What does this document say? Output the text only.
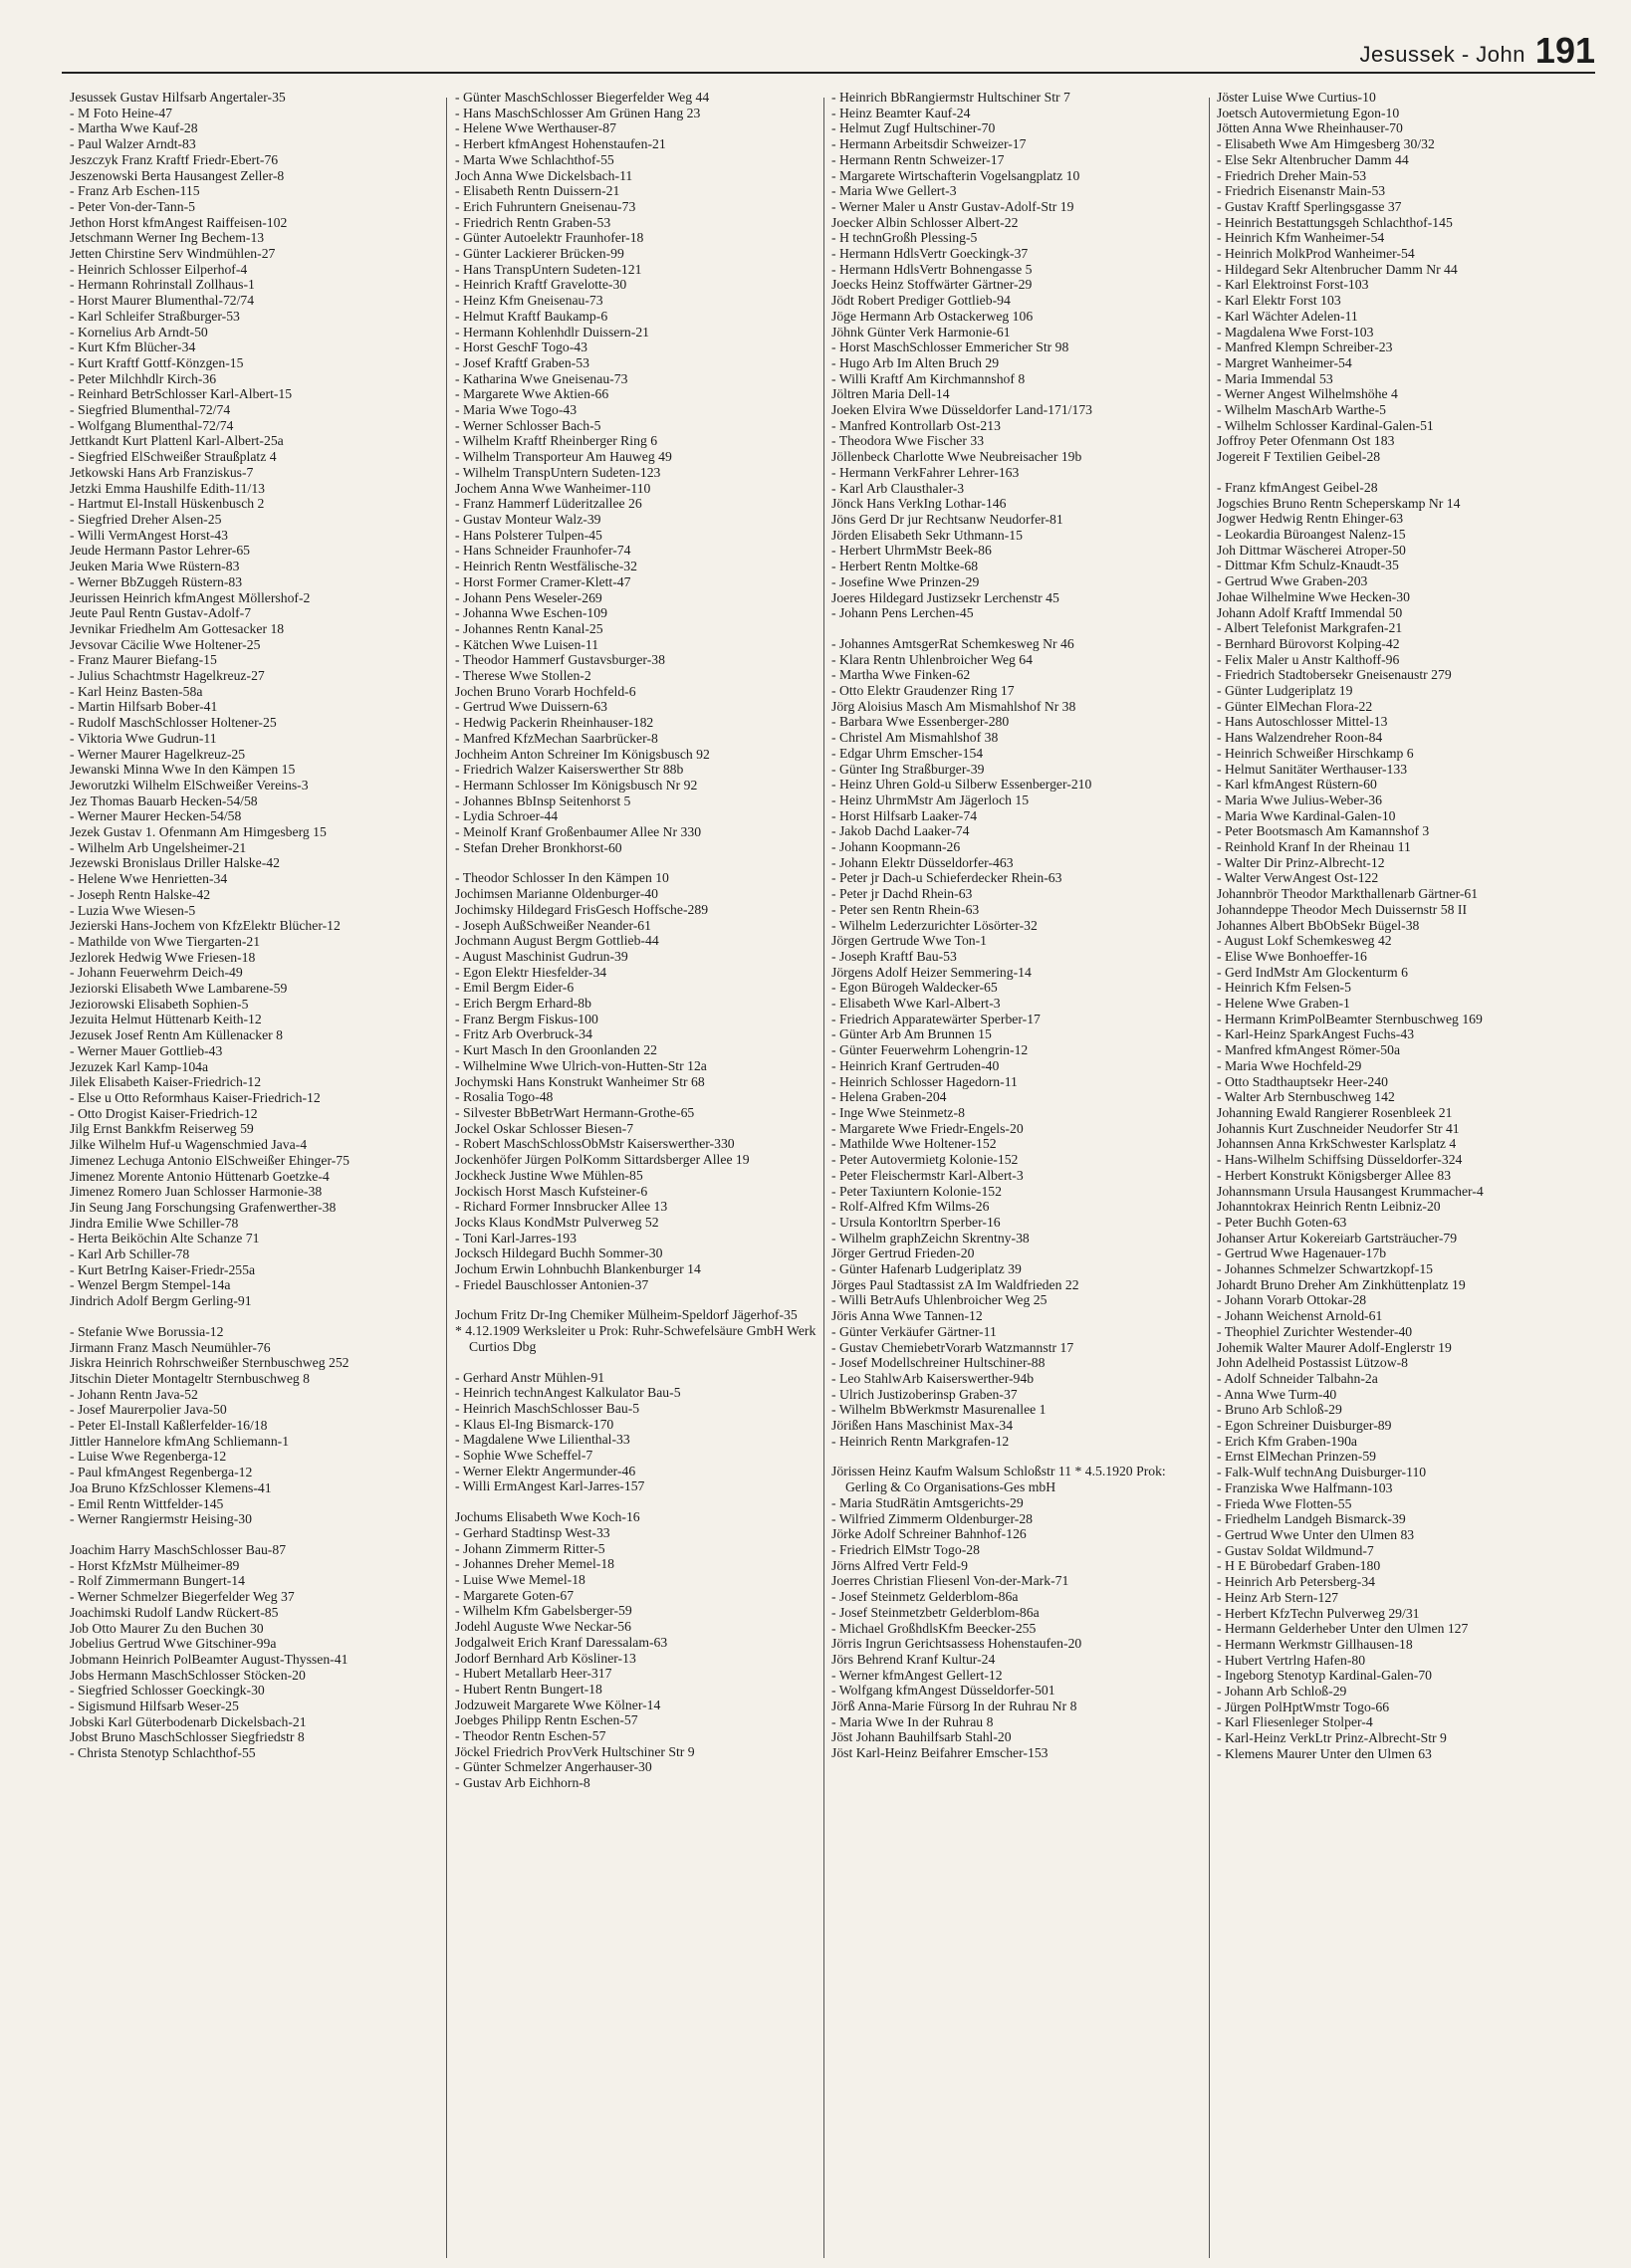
Jesussek - John 191
Jesussek Gustav Hilfsarb Angertaler-35
- M Foto Heine-47
- Martha Wwe Kauf-28
- Paul Walzer Arndt-83
Jeszczyk Franz Kraftf Friedr-Ebert-76
Jeszenowski Berta Hausangest Zeller-8
- Franz Arb Eschen-115
- Peter Von-der-Tann-5
Jethon Horst kfmAngest Raiffeisen-102
Jetschmann Werner Ing Bechem-13
Jetten Chirstine Serv Windmühlen-27
- Heinrich Schlosser Eilperhof-4
- Hermann Rohrinstall Zollhaus-1
- Horst Maurer Blumenthal-72/74
- Karl Schleifer Straßburger-53
- Kornelius Arb Arndt-50
- Kurt Kfm Blücher-34
- Kurt Kraftf Gottf-Könzgen-15
- Peter Milchhdlr Kirch-36
- Reinhard BetrSchlosser Karl-Albert-15
- Siegfried Blumenthal-72/74
- Wolfgang Blumenthal-72/74
Jettkandt Kurt Plattenl Karl-Albert-25a
- Siegfried ElSchweißer Straußplatz 4
Jetkowski Hans Arb Franziskus-7
Jetzki Emma Haushilfe Edith-11/13
- Hartmut El-Install Hüskenbusch 2
- Siegfried Dreher Alsen-25
- Willi VermAngest Horst-43
Jeude Hermann Pastor Lehrer-65
Jeuken Maria Wwe Rüstern-83
- Werner BbZuggeh Rüstern-83
Jeurissen Heinrich kfmAngest Möllershof-2
Jeute Paul Rentn Gustav-Adolf-7
Jevnikar Friedhelm Am Gottesacker 18
Jevsovar Cäcilie Wwe Holtener-25
- Franz Maurer Biefang-15
- Julius Schachtmstr Hagelkreuz-27
- Karl Heinz Basten-58a
- Martin Hilfsarb Bober-41
- Rudolf MaschSchlosser Holtener-25
- Viktoria Wwe Gudrun-11
- Werner Maurer Hagelkreuz-25
Jewanski Minna Wwe In den Kämpen 15
Jeworutzki Wilhelm ElSchweißer Vereins-3
Jez Thomas Bauarb Hecken-54/58
- Werner Maurer Hecken-54/58
Jezek Gustav 1. Ofenmann Am Himgesberg 15
- Wilhelm Arb Ungelsheimer-21
Jezewski Bronislaus Driller Halske-42
- Helene Wwe Henrietten-34
- Joseph Rentn Halske-42
- Luzia Wwe Wiesen-5
Jezierski Hans-Jochem von KfzElektr Blücher-12
- Mathilde von Wwe Tiergarten-21
Jezlorek Hedwig Wwe Friesen-18
- Johann Feuerwehrm Deich-49
Jeziorski Elisabeth Wwe Lambarene-59
Jeziorowski Elisabeth Sophien-5
Jezuita Helmut Hüttenarb Keith-12
Jezusek Josef Rentn Am Küllenacker 8
- Werner Mauer Gottlieb-43
Jezuzek Karl Kamp-104a
Jilek Elisabeth Kaiser-Friedrich-12
- Else u Otto Reformhaus Kaiser-Friedrich-12
- Otto Drogist Kaiser-Friedrich-12
Jilg Ernst Bankkfm Reiserweg 59
Jilke Wilhelm Huf-u Wagenschmied Java-4
Jimenez Lechuga Antonio ElSchweißer Ehinger-75
Jimenez Morente Antonio Hüttenarb Goetzke-4
Jimenez Romero Juan Schlosser Harmonie-38
Jin Seung Jang Forschungsing Grafenwerther-38
Jindra Emilie Wwe Schiller-78
- Herta Beiköchin Alte Schanze 71
- Karl Arb Schiller-78
- Kurt BetrIng Kaiser-Friedr-255a
- Wenzel Bergm Stempel-14a
Jindrich Adolf Bergm Gerling-91
- Stefanie Wwe Borussia-12
Jirmann Franz Masch Neumühler-76
Jiskra Heinrich Rohrschweißer Sternbuschweg 252
Jitschin Dieter Montageltr Sternbuschweg 8
- Johann Rentn Java-52
- Josef Maurerpolier Java-50
- Peter El-Install Kaßlerfelder-16/18
Jittler Hannelore kfmAng Schliemann-1
- Luise Wwe Regenberga-12
- Paul kfmAngest Regenberga-12
Joa Bruno KfzSchlosser Klemens-41
- Emil Rentn Wittfelder-145
- Werner Rangiermstr Heising-30
Joachim Harry MaschSchlosser Bau-87
- Horst KfzMstr Mülheimer-89
- Rolf Zimmermann Bungert-14
- Werner Schmelzer Biegerfelder Weg 37
Joachimski Rudolf Landw Rückert-85
Job Otto Maurer Zu den Buchen 30
Jobelius Gertrud Wwe Gitschiner-99a
Jobmann Heinrich PolBeamter August-Thyssen-41
Jobs Hermann MaschSchlosser Stöcken-20
- Siegfried Schlosser Goeckingk-30
- Sigismund Hilfsarb Weser-25
Jobski Karl Güterbodenarb Dickelsbach-21
Jobst Bruno MaschSchlosser Siegfriedstr 8
- Christa Stenotyp Schlachthof-55
- Günter MaschSchlosser Biegerfelder Weg 44
- Hans MaschSchlosser Am Grünen Hang 23
- Helene Wwe Werthauser-87
- Herbert kfmAngest Hohenstaufen-21
- Marta Wwe Schlachthof-55
Joch Anna Wwe Dickelsbach-11
- Elisabeth Rentn Duissern-21
- Erich Fuhruntern Gneisenau-73
- Friedrich Rentn Graben-53
- Günter Autoelektr Fraunhofer-18
- Günter Lackierer Brücken-99
- Hans TranspUntern Sudeten-121
- Heinrich Kraftf Gravelotte-30
- Heinz Kfm Gneisenau-73
- Helmut Kraftf Baukamp-6
- Hermann Kohlenhdlr Duissern-21
- Horst GeschF Togo-43
- Josef Kraftf Graben-53
- Katharina Wwe Gneisenau-73
- Margarete Wwe Aktien-66
- Maria Wwe Togo-43
- Werner Schlosser Bach-5
- Wilhelm Kraftf Rheinberger Ring 6
- Wilhelm Transporteur Am Hauweg 49
- Wilhelm TranspUntern Sudeten-123
Jochem Anna Wwe Wanheimer-110
- Franz Hammerf Lüderitzallee 26
- Gustav Monteur Walz-39
- Hans Polsterer Tulpen-45
- Hans Schneider Fraunhofer-74
- Heinrich Rentn Westfälische-32
- Horst Former Cramer-Klett-47
- Johann Pens Weseler-269
- Johanna Wwe Eschen-109
- Johannes Rentn Kanal-25
- Kätchen Wwe Luisen-11
- Theodor Hammerf Gustavsburger-38
- Therese Wwe Stollen-2
Jochen Bruno Vorarb Hochfeld-6
- Gertrud Wwe Duissern-63
- Hedwig Packerin Rheinhauser-182
- Manfred KfzMechan Saarbrücker-8
Jochheim Anton Schreiner Im Königsbusch 92
- Friedrich Walzer Kaiserswerther Str 88b
- Hermann Schlosser Im Königsbusch Nr 92
- Johannes BbInsp Seitenhorst 5
- Lydia Schroer-44
- Meinolf Kranf Großenbaumer Allee Nr 330
- Stefan Dreher Bronkhorst-60
- Theodor Schlosser In den Kämpen 10
Jochimsen Marianne Oldenburger-40
Jochimsky Hildegard FrisGesch Hoffsche-289
- Joseph AußSchweißer Neander-61
Jochmann August Bergm Gottlieb-44
- August Maschinist Gudrun-39
- Egon Elektr Hiesfelder-34
- Emil Bergm Eider-6
- Erich Bergm Erhard-8b
- Franz Bergm Fiskus-100
- Fritz Arb Overbruck-34
- Kurt Masch In den Groonlanden 22
- Wilhelmine Wwe Ulrich-von-Hutten-Str 12a
Jochymski Hans Konstrukt Wanheimer Str 68
- Rosalia Togo-48
- Silvester BbBetrWart Hermann-Grothe-65
Jockel Oskar Schlosser Biesen-7
- Robert MaschSchlossObMstr Kaiserswerther-330
Jockenhöfer Jürgen PolKomm Sittardsberger Allee 19
Jockheck Justine Wwe Mühlen-85
Jockisch Horst Masch Kufsteiner-6
- Richard Former Innsbrucker Allee 13
Jocks Klaus KondMstr Pulverweg 52
- Toni Karl-Jarres-193
Jocksch Hildegard Buchh Sommer-30
Jochum Erwin Lohnbuchh Blankenburger 14
- Friedel Bauschlosser Antonien-37
Jochum Fritz Dr-Ing Chemiker Mülheim-Speldorf Jägerhof-35
* 4.12.1909 Werksleiter u Prok: Ruhr-Schwefelsäure GmbH Werk Curtios Dbg
- Gerhard Anstr Mühlen-91
- Heinrich technAngest Kalkulator Bau-5
- Heinrich MaschSchlosser Bau-5
- Klaus El-Ing Bismarck-170
- Magdalene Wwe Lilienthal-33
- Sophie Wwe Scheffel-7
- Werner Elektr Angermunder-46
- Willi ErmAngest Karl-Jarres-157
Jochums Elisabeth Wwe Koch-16
- Gerhard Stadtinsp West-33
- Johann Zimmerm Ritter-5
- Johannes Dreher Memel-18
- Luise Wwe Memel-18
- Margarete Goten-67
- Wilhelm Kfm Gabelsberger-59
Jodehl Auguste Wwe Neckar-56
Jodgalweit Erich Kranf Daressalam-63
Jodorf Bernhard Arb Kösliner-13
- Hubert Metallarb Heer-317
- Hubert Rentn Bungert-18
Jodzuweit Margarete Wwe Kölner-14
Joebges Philipp Rentn Eschen-57
- Theodor Rentn Eschen-57
Jöckel Friedrich ProvVerk Hultschiner Str 9
- Günter Schmelzer Angerhauser-30
- Gustav Arb Eichhorn-8
- Heinrich BbRangiermstr Hultschiner Str 7
- Heinz Beamter Kauf-24
- Helmut Zugf Hultschiner-70
- Hermann Arbeitsdir Schweizer-17
- Hermann Rentn Schweizer-17
- Margarete Wirtschafterin Vogelsangplatz 10
- Maria Wwe Gellert-3
- Werner Maler u Anstr Gustav-Adolf-Str 19
Joecker Albin Schlosser Albert-22
- H technGroßh Plessing-5
- Hermann HdlsVertr Goeckingk-37
- Hermann HdlsVertr Bohnengasse 5
Joecks Heinz Stoffwärter Gärtner-29
Jödt Robert Prediger Gottlieb-94
Jöge Hermann Arb Ostackerweg 106
Jöhnk Günter Verk Harmonie-61
- Horst MaschSchlosser Emmericher Str 98
- Hugo Arb Im Alten Bruch 29
- Willi Kraftf Am Kirchmannshof 8
Jöltren Maria Dell-14
Joeken Elvira Wwe Düsseldorfer Land-171/173
- Manfred Kontrollarb Ost-213
- Theodora Wwe Fischer 33
Jöllenbeck Charlotte Wwe Neubreisacher 19b
- Hermann VerkFahrer Lehrer-163
- Karl Arb Clausthaler-3
Jönck Hans VerkIng Lothar-146
Jöns Gerd Dr jur Rechtsanw Neudorfer-81
Jörden Elisabeth Sekr Uthmann-15
- Herbert UhrmMstr Beek-86
- Herbert Rentn Moltke-68
- Josefine Wwe Prinzen-29
Joeres Hildegard Justizsekr Lerchenstr 45
- Johann Pens Lerchen-45
- Johannes AmtsgerRat Schemkesweg Nr 46
- Klara Rentn Uhlenbroicher Weg 64
- Martha Wwe Finken-62
- Otto Elektr Graudenzer Ring 17
Jörg Aloisius Masch Am Mismahlshof Nr 38
- Barbara Wwe Essenberger-280
- Christel Am Mismahlshof 38
- Edgar Uhrm Emscher-154
- Günter Ing Straßburger-39
- Heinz Uhren Gold-u Silberw Essenberger-210
- Heinz UhrmMstr Am Jägerloch 15
- Horst Hilfsarb Laaker-74
- Jakob Dachd Laaker-74
- Johann Koopmann-26
- Johann Elektr Düsseldorfer-463
- Peter jr Dach-u Schieferdecker Rhein-63
- Peter jr Dachd Rhein-63
- Peter sen Rentn Rhein-63
- Wilhelm Lederzurichter Lösörter-32
Jörgen Gertrude Wwe Ton-1
- Joseph Kraftf Bau-53
Jörgens Adolf Heizer Semmering-14
- Egon Bürogeh Waldecker-65
- Elisabeth Wwe Karl-Albert-3
- Friedrich Apparatewärter Sperber-17
- Günter Arb Am Brunnen 15
- Günter Feuerwehrm Lohengrin-12
- Heinrich Kranf Gertruden-40
- Heinrich Schlosser Hagedorn-11
- Helena Graben-204
- Inge Wwe Steinmetz-8
- Margarete Wwe Friedr-Engels-20
- Mathilde Wwe Holtener-152
- Peter Autovermietg Kolonie-152
- Peter Fleischermstr Karl-Albert-3
- Peter Taxiuntern Kolonie-152
- Rolf-Alfred Kfm Wilms-26
- Ursula Kontorltrn Sperber-16
- Wilhelm graphZeichn Skrentny-38
Jörger Gertrud Frieden-20
- Günter Hafenarb Ludgeriplatz 39
Jörges Paul Stadtassist zA Im Waldfrieden 22
- Willi BetrAufs Uhlenbroicher Weg 25
Jöris Anna Wwe Tannen-12
- Günter Verkäufer Gärtner-11
- Gustav ChemiebetrVorarb Watzmannstr 17
- Josef Modellschreiner Hultschiner-88
- Leo StahlwArb Kaiserswerther-94b
- Ulrich Justizoberinsp Graben-37
- Wilhelm BbWerkmstr Masurenallee 1
Jörißen Hans Maschinist Max-34
- Heinrich Rentn Markgrafen-12
Jörissen Heinz Kaufm Walsum Schloßstr 11 * 4.5.1920 Prok: Gerling & Co Organisations-Ges mbH
- Maria StudRätin Amtsgerichts-29
- Wilfried Zimmerm Oldenburger-28
Jörke Adolf Schreiner Bahnhof-126
- Friedrich ElMstr Togo-28
Jörns Alfred Vertr Feld-9
Joerres Christian Fliesenl Von-der-Mark-71
- Josef Steinmetz Gelderblom-86a
- Josef Steinmetzbetr Gelderblom-86a
- Michael GroßhdlsKfm Beecker-255
Jörris Ingrun Gerichtsassess Hohenstaufen-20
Jörs Behrend Kranf Kultur-24
- Werner kfmAngest Gellert-12
- Wolfgang kfmAngest Düsseldorfer-501
Jörß Anna-Marie Fürsorg In der Ruhrau Nr 8
- Maria Wwe In der Ruhrau 8
Jöst Johann Bauhilfsarb Stahl-20
Jöst Karl-Heinz Beifahrer Emscher-153
Jöster Luise Wwe Curtius-10
Joetsch Autovermietung Egon-10
Jötten Anna Wwe Rheinhauser-70
- Elisabeth Wwe Am Himgesberg 30/32
- Else Sekr Altenbrucher Damm 44
- Friedrich Dreher Main-53
- Friedrich Eisenanstr Main-53
- Gustav Kraftf Sperlingsgasse 37
- Heinrich Bestattungsgeh Schlachthof-145
- Heinrich Kfm Wanheimer-54
- Heinrich MolkProd Wanheimer-54
- Hildegard Sekr Altenbrucher Damm Nr 44
- Karl Elektroinst Forst-103
- Karl Elektr Forst 103
- Karl Wächter Adelen-11
- Magdalena Wwe Forst-103
- Manfred Klempn Schreiber-23
- Margret Wanheimer-54
- Maria Immendal 53
- Werner Angest Wilhelmshöhe 4
- Wilhelm MaschArb Warthe-5
- Wilhelm Schlosser Kardinal-Galen-51
Joffroy Peter Ofenmann Ost 183
Jogereit F Textilien Geibel-28
- Franz kfmAngest Geibel-28
Jogschies Bruno Rentn Scheperskamp Nr 14
Jogwer Hedwig Rentn Ehinger-63
- Leokardia Büroangest Nalenz-15
Joh Dittmar Wäschereі Atroper-50
- Dittmar Kfm Schulz-Knaudt-35
- Gertrud Wwe Graben-203
Johae Wilhelmine Wwe Hecken-30
Johann Adolf Kraftf Immendal 50
- Albert Telefonist Markgrafen-21
- Bernhard Bürovorst Kolping-42
- Felix Maler u Anstr Kalthoff-96
- Friedrich Stadtobersekr Gneisenaustr 279
- Günter Ludgeriplatz 19
- Günter ElMechan Flora-22
- Hans Autoschlosser Mittel-13
- Hans Walzendreher Roon-84
- Heinrich Schweißer Hirschkamp 6
- Helmut Sanitäter Werthauser-133
- Karl kfmAngest Rüstern-60
- Maria Wwe Julius-Weber-36
- Maria Wwe Kardinal-Galen-10
- Peter Bootsmasch Am Kamannshof 3
- Reinhold Kranf In der Rheinau 11
- Walter Dir Prinz-Albrecht-12
- Walter VerwAngest Ost-122
Johannbrör Theodor Markthallenarb Gärtner-61
Johanndeppe Theodor Mech Duissernstr 58 II
Johannes Albert BbObSekr Bügel-38
- August Lokf Schemkesweg 42
- Elise Wwe Bonhoeffer-16
- Gerd IndMstr Am Glockenturm 6
- Heinrich Kfm Felsen-5
- Helene Wwe Graben-1
- Hermann KrimPolBeamter Sternbuschweg 169
- Karl-Heinz SparkAngest Fuchs-43
- Manfred kfmAngest Römer-50a
- Maria Wwe Hochfeld-29
- Otto Stadthauptsekr Heer-240
- Walter Arb Sternbuschweg 142
Johanning Ewald Rangierer Rosenbleek 21
Johannis Kurt Zuschneider Neudorfer Str 41
Johannsen Anna KrkSchwester Karlsplatz 4
- Hans-Wilhelm Schiffsing Düsseldorfer-324
- Herbert Konstrukt Königsberger Allee 83
Johannsmann Ursula Hausangest Krummacher-4
Johanntokrax Heinrich Rentn Leibniz-20
- Peter Buchh Goten-63
Johanser Artur Kokereiarb Gartsträucher-79
- Gertrud Wwe Hagenauer-17b
- Johannes Schmelzer Schwartzkopf-15
Johardt Bruno Dreher Am Zinkhüttenplatz 19
- Johann Vorarb Ottokar-28
- Johann Weichenst Arnold-61
- Theophiel Zurichter Westender-40
Johemik Walter Maurer Adolf-Englerstr 19
John Adelheid Postassist Lützow-8
- Adolf Schneider Talbahn-2a
- Anna Wwe Turm-40
- Bruno Arb Schloß-29
- Egon Schreiner Duisburger-89
- Erich Kfm Graben-190a
- Ernst ElMechan Prinzen-59
- Falk-Wulf technAng Duisburger-110
- Franziska Wwe Halfmann-103
- Frieda Wwe Flotten-55
- Friedhelm Landgeh Bismarck-39
- Gertrud Wwe Unter den Ulmen 83
- Gustav Soldat Wildmund-7
- H E Bürobedarf Graben-180
- Heinrich Arb Petersberg-34
- Heinz Arb Stern-127
- Herbert KfzTechn Pulverweg 29/31
- Hermann Gelderheber Unter den Ulmen 127
- Hermann Werkmstr Gillhausen-18
- Hubert Vertrlng Hafen-80
- Ingeborg Stenotyp Kardinal-Galen-70
- Johann Arb Schloß-29
- Jürgen PolHptWmstr Togo-66
- Karl Fliesenleger Stolper-4
- Karl-Heinz VerkLtr Prinz-Albrecht-Str 9
- Klemens Maurer Unter den Ulmen 63
